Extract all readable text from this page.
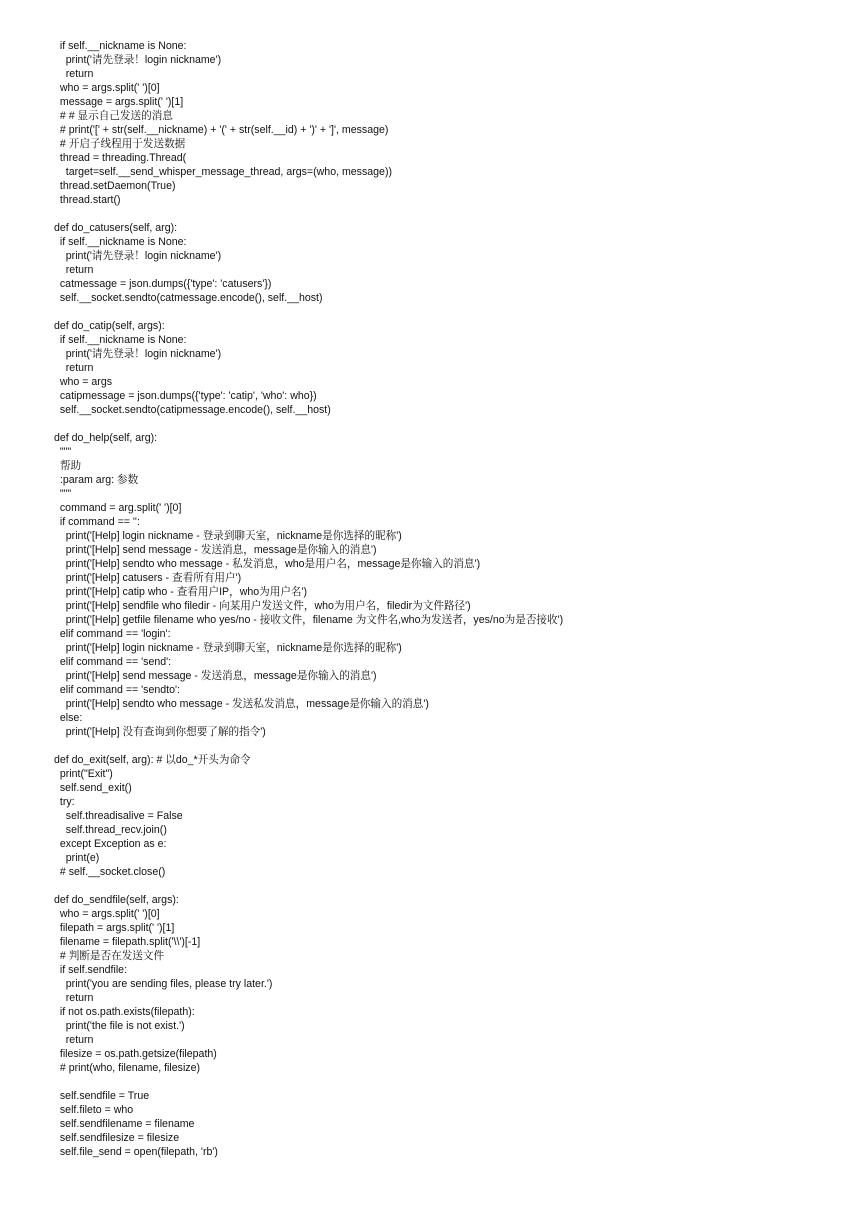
if self.__nickname is None:
print('请先登录！login nickname')
return
who = args.split(' ')[0]
message = args.split(' ')[1]
# # 显示自己发送的消息
# print('[' + str(self.__nickname) + '(' + str(self.__id) + ')' + ']', message)
# 开启子线程用于发送数据
thread = threading.Thread(
target=self.__send_whisper_message_thread, args=(who, message))
thread.setDaemon(True)
thread.start()
def do_catusers(self, arg):
if self.__nickname is None:
print('请先登录！login nickname')
return
catmessage = json.dumps({'type': 'catusers'})
self.__socket.sendto(catmessage.encode(), self.__host)
def do_catip(self, args):
if self.__nickname is None:
print('请先登录！login nickname')
return
who = args
catipmessage = json.dumps({'type': 'catip', 'who': who})
self.__socket.sendto(catipmessage.encode(), self.__host)
def do_help(self, arg):
"""
帮助
:param arg: 参数
"""
command = arg.split(' ')[0]
if command == '':
print('[Help] login nickname - 登录到聊天室，nickname是你选择的昵称')
print('[Help] send message - 发送消息，message是你输入的消息')
print('[Help] sendto who message - 私发消息，who是用户名，message是你输入的消息')
print('[Help] catusers - 查看所有用户')
print('[Help] catip who - 查看用户IP，who为用户名')
print('[Help] sendfile who filedir - 向某用户发送文件，who为用户名，filedir为文件路径')
print('[Help] getfile filename who yes/no - 接收文件，filename 为文件名,who为发送者，yes/no为是否接收')
elif command == 'login':
print('[Help] login nickname - 登录到聊天室，nickname是你选择的昵称')
elif command == 'send':
print('[Help] send message - 发送消息，message是你输入的消息')
elif command == 'sendto':
print('[Help] sendto who message - 发送私发消息，message是你输入的消息')
else:
print('[Help] 没有查询到你想要了解的指令')
def do_exit(self, arg): # 以do_*开头为命令
print("Exit")
self.send_exit()
try:
self.threadisalive = False
self.thread_recv.join()
except Exception as e:
print(e)
# self.__socket.close()
def do_sendfile(self, args):
who = args.split(' ')[0]
filepath = args.split(' ')[1]
filename = filepath.split('\\')[-1]
# 判断是否在发送文件
if self.sendfile:
print('you are sending files, please try later.')
return
if not os.path.exists(filepath):
print('the file is not exist.')
return
filesize = os.path.getsize(filepath)
# print(who, filename, filesize)
self.sendfile = True
self.fileto = who
self.sendfilename = filename
self.sendfilesize = filesize
self.file_send = open(filepath, 'rb')
